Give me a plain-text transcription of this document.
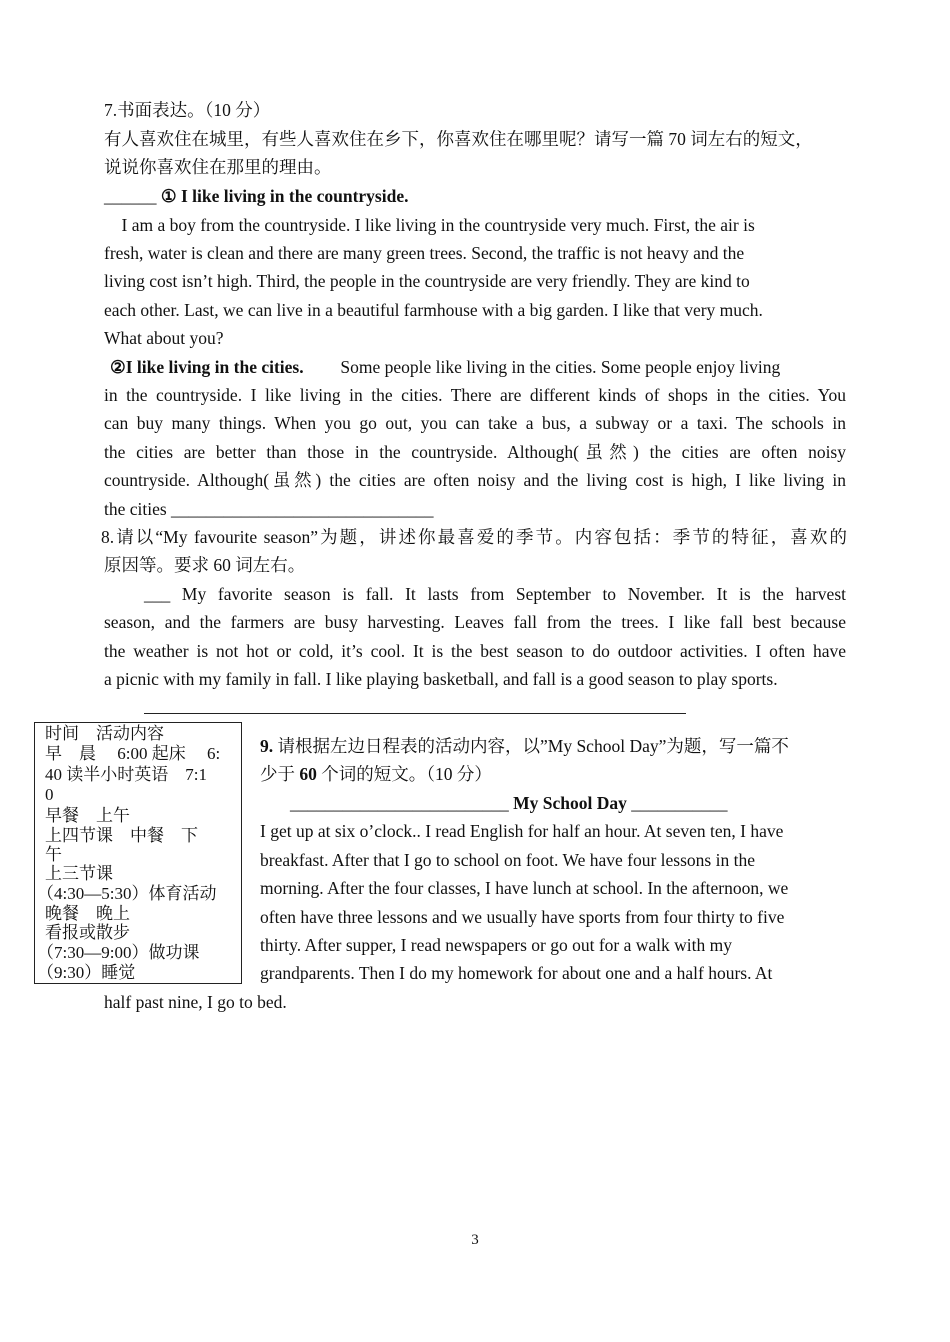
7.书面表达。（10 分）
有人喜欢住在城里，有些人喜欢住在乡下，你喜欢住在哪里呢？请写一篇 70 词左右的短文，
说说你喜欢住在那里的理由。
______ ① I like living in the countryside.
I am a boy from the countryside. I like living in the countryside very much. First, the air is
fresh, water is clean and there are many green trees. Second, the traffic is not heavy and the
living cost isn’t high. Third, the people in the countryside are very friendly. They are kind to
each other. Last, we can live in a beautiful farmhouse with a big garden. I like that very much.
What about you?
②I like living in the cities. Some people like living in the cities. Some people enjoy living
in the countryside. I like living in the cities. There are different kinds of shops in the cities. You
can buy many things. When you go out, you can take a bus, a subway or a taxi. The schools in
the cities are better than those in the countryside. Although(虽然) the cities are often noisy
countryside. Although(虽然) the cities are often noisy and the living cost is high, I like living in
the cities ______________________________
8.请以“My favourite season”为题，讲述你最喜爱的季节。内容包括：季节的特征，喜欢的
原因等。要求 60 词左右。
___ My favorite season is fall. It lasts from September to November. It is the harvest
season, and the farmers are busy harvesting. Leaves fall from the trees. I like fall best because
the weather is not hot or cold, it’s cool. It is the best season to do outdoor activities. I often have
a picnic with my family in fall. I like playing basketball, and fall is a good season to play sports.
时间　活动内容
早　晨　 6:00 起床　 6:
40 读半小时英语　7:1
0
早餐　上午
上四节课　中餐　下
午
上三节课
（4:30—5:30）体育活动
晚餐　晚上
看报或散步
（7:30—9:00）做功课
（9:30）睡觉
9. 请根据左边日程表的活动内容，以”My School Day”为题，写一篇不
少于 60 个词的短文。（10 分）
_________________________ My School Day ___________
I get up at six o’clock.. I read English for half an hour. At seven ten, I have
breakfast. After that I go to school on foot. We have four lessons in the
morning. After the four classes, I have lunch at school. In the afternoon, we
often have three lessons and we usually have sports from four thirty to five
thirty. After supper, I read newspapers or go out for a walk with my
grandparents. Then I do my homework for about one and a half hours. At
half past nine, I go to bed.
3
